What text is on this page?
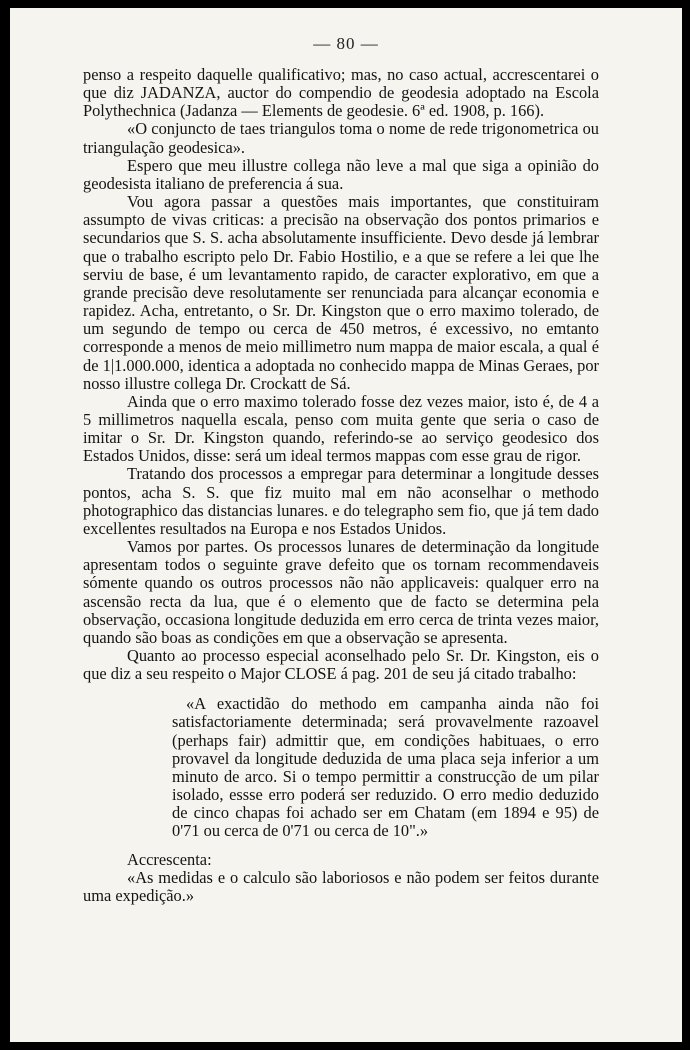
— 80 —

penso a respeito daquelle qualificativo; mas, no caso actual, accrescentarei o que diz JADANZA, auctor do compendio de geodesia adoptado na Escola Polythechnica (Jadanza — Elements de geodesie. 6ª ed. 1908, p. 166).

«O conjuncto de taes triangulos toma o nome de rede trigonometrica ou triangulação geodesica».

Espero que meu illustre collega não leve a mal que siga a opinião do geodesista italiano de preferencia á sua.

Vou agora passar a questões mais importantes, que constituiram assumpto de vivas criticas: a precisão na observação dos pontos primarios e secundarios que S. S. acha absolutamente insufficiente. Devo desde já lembrar que o trabalho escripto pelo Dr. Fabio Hostilio, e a que se refere a lei que lhe serviu de base, é um levantamento rapido, de caracter explorativo, em que a grande precisão deve resolutamente ser renunciada para alcançar economia e rapidez. Acha, entretanto, o Sr. Dr. Kingston que o erro maximo tolerado, de um segundo de tempo ou cerca de 450 metros, é excessivo, no emtanto corresponde a menos de meio millimetro num mappa de maior escala, a qual é de 1|1.000.000, identica a adoptada no conhecido mappa de Minas Geraes, por nosso illustre collega Dr. Crockatt de Sá.

Ainda que o erro maximo tolerado fosse dez vezes maior, isto é, de 4 a 5 millimetros naquella escala, penso com muita gente que seria o caso de imitar o Sr. Dr. Kingston quando, referindo-se ao serviço geodesico dos Estados Unidos, disse: será um ideal termos mappas com esse grau de rigor.

Tratando dos processos a empregar para determinar a longitude desses pontos, acha S. S. que fiz muito mal em não aconselhar o methodo photographico das distancias lunares. e do telegrapho sem fio, que já tem dado excellentes resultados na Europa e nos Estados Unidos.

Vamos por partes. Os processos lunares de determinação da longitude apresentam todos o seguinte grave defeito que os tornam recommendaveis sómente quando os outros processos não não applicaveis: qualquer erro na ascensão recta da lua, que é o elemento que de facto se determina pela observação, occasiona longitude deduzida em erro cerca de trinta vezes maior, quando são boas as condições em que a observação se apresenta.

Quanto ao processo especial aconselhado pelo Sr. Dr. Kingston, eis o que diz a seu respeito o Major CLOSE á pag. 201 de seu já citado trabalho:

«A exactidão do methodo em campanha ainda não foi satisfactoriamente determinada; será provavelmente razoavel (perhaps fair) admittir que, em condições habituaes, o erro provavel da longitude deduzida de uma placa seja inferior a um minuto de arco. Si o tempo permittir a construcção de um pilar isolado, essse erro poderá ser reduzido. O erro medio deduzido de cinco chapas foi achado ser em Chatam (em 1894 e 95) de 0'71 ou cerca de 0'71 ou cerca de 10".»

Accrescenta:

«As medidas e o calculo são laboriosos e não podem ser feitos durante uma expedição.»
